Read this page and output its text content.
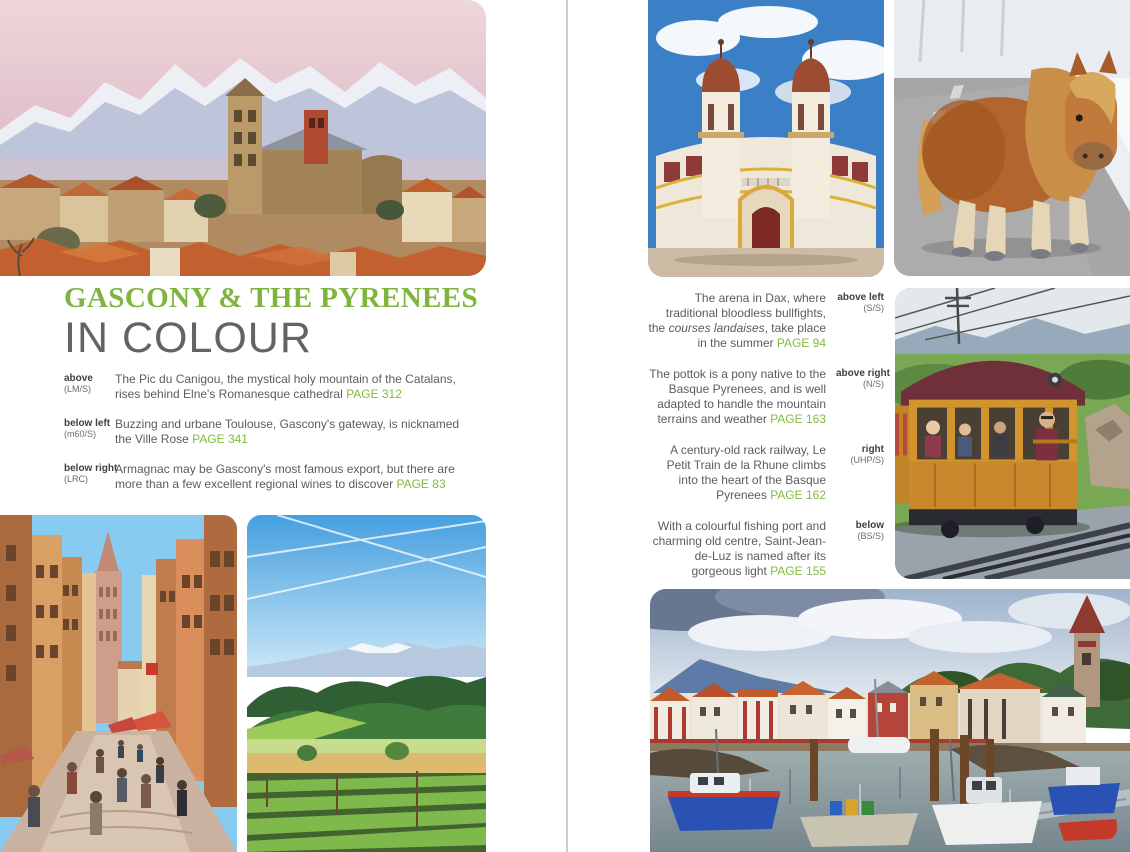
GASCONY & THE PYRENEES
IN COLOUR
above
(LM/S)

The Pic du Canigou, the mystical holy mountain of the Catalans, rises behind Elne's Romanesque cathedral PAGE 312

below left
(m60/S)

Buzzing and urbane Toulouse, Gascony's gateway, is nicknamed the Ville Rose PAGE 341

below right
(LRC)

Armagnac may be Gascony's most famous export, but there are more than a few excellent regional wines to discover PAGE 83

The arena in Dax, where traditional bloodless bullfights, the courses landaises, take place in the summer PAGE 94

above left
(S/S)

The pottok is a pony native to the Basque Pyrenees, and is well adapted to handle the mountain terrains and weather PAGE 163

above right
(N/S)

A century-old rack railway, Le Petit Train de la Rhune climbs into the heart of the Basque Pyrenees PAGE 162

right
(UHP/S)

With a colourful fishing port and charming old centre, Saint-Jean-de-Luz is named after its gorgeous light PAGE 155

below
(BS/S)
